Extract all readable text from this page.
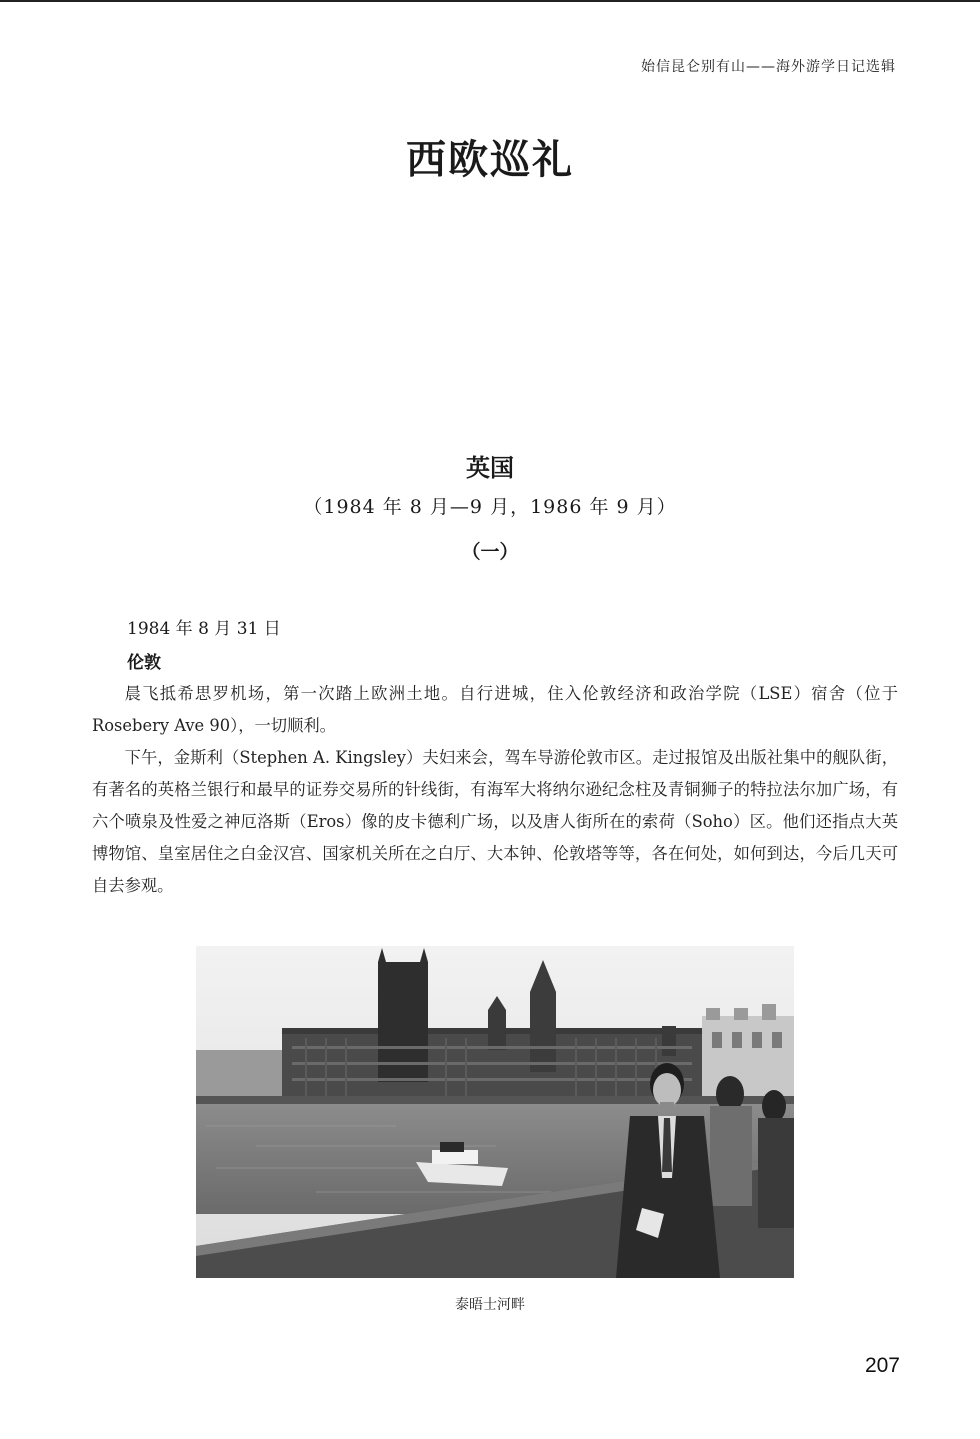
始信昆仑别有山——海外游学日记选辑
西欧巡礼
英国
（1984 年 8 月—9 月，1986 年 9 月）
（一）
1984 年 8 月 31 日
伦敦

晨飞抵希思罗机场，第一次踏上欧洲土地。自行进城，住入伦敦经济和政治学院（LSE）宿舍（位于 Rosebery Ave 90），一切顺利。

下午，金斯利（Stephen A. Kingsley）夫妇来会，驾车导游伦敦市区。走过报馆及出版社集中的舰队街，有著名的英格兰银行和最早的证券交易所的针线街，有海军大将纳尔逊纪念柱及青铜狮子的特拉法尔加广场，有六个喷泉及性爱之神厄洛斯（Eros）像的皮卡德利广场，以及唐人街所在的索荷（Soho）区。他们还指点大英博物馆、皇室居住之白金汉宫、国家机关所在之白厅、大本钟、伦敦塔等等，各在何处，如何到达，今后几天可自去参观。

泰晤士河畔
207
